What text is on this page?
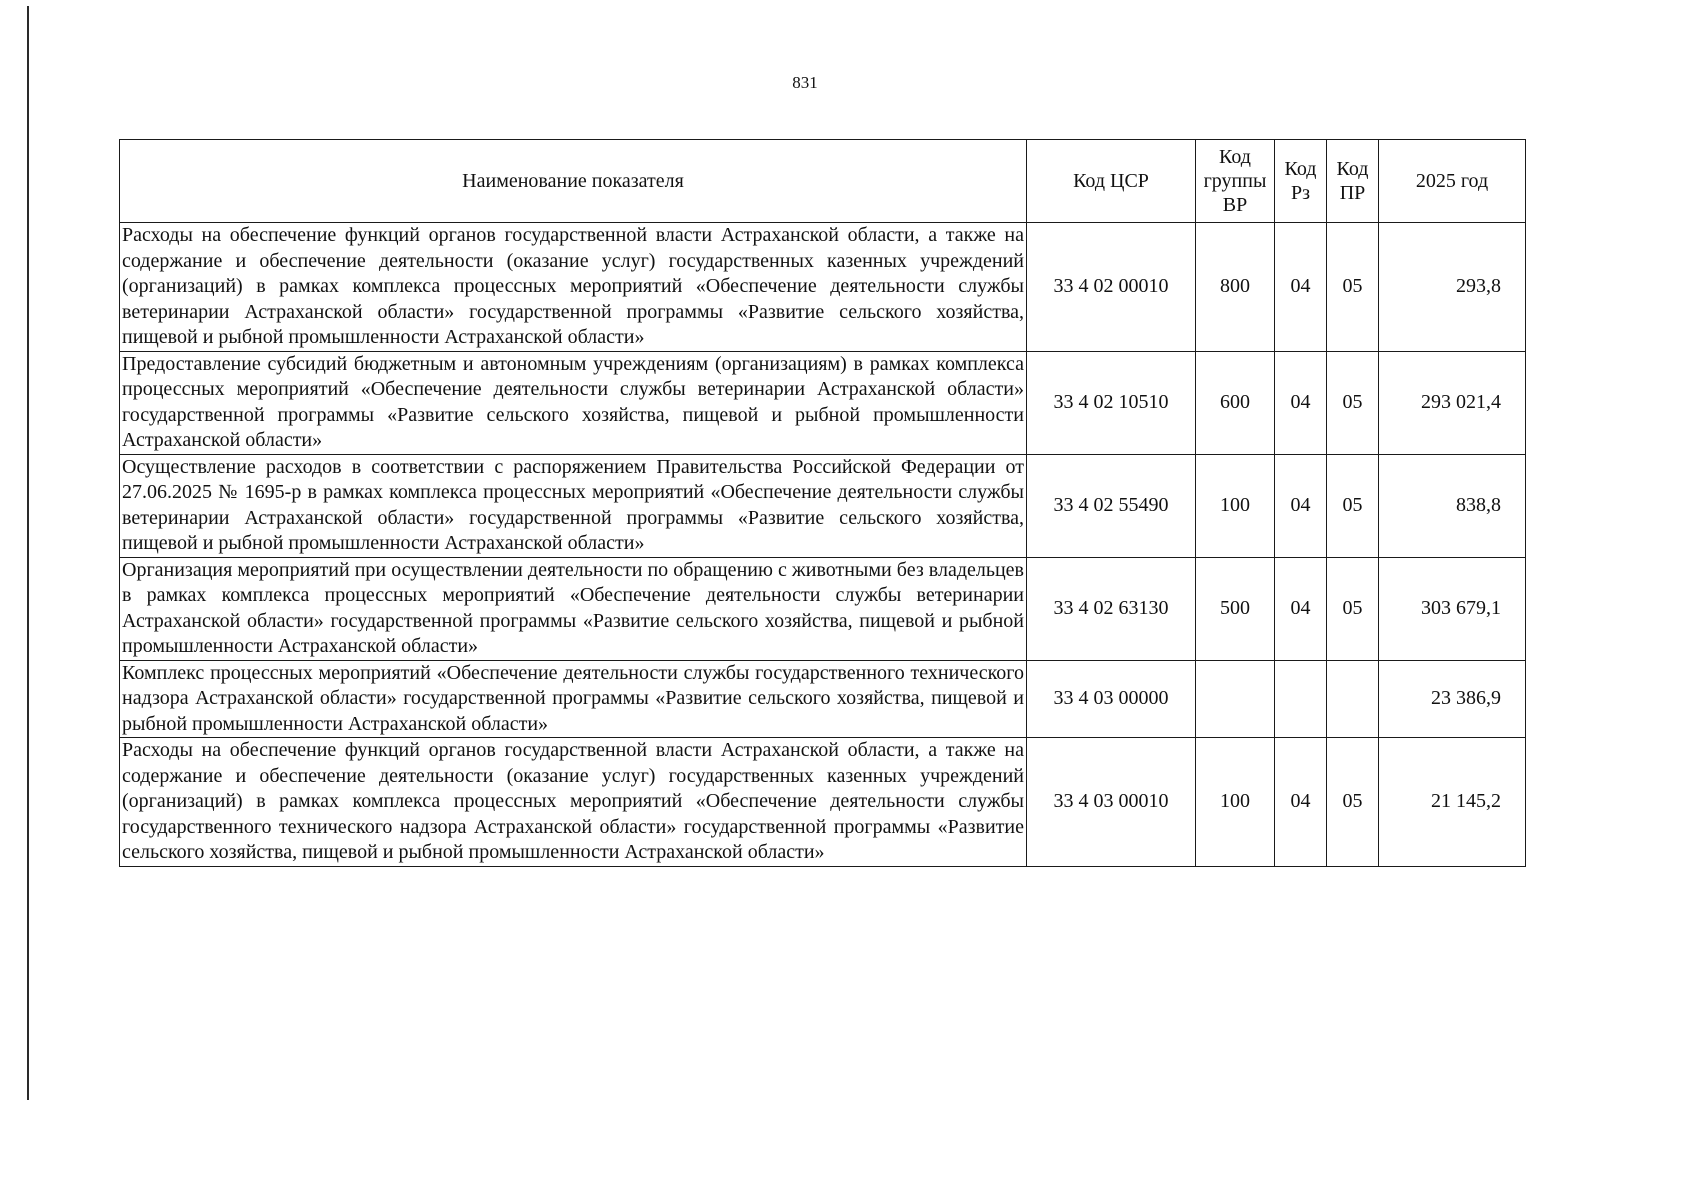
831
Наименование показателя	Код ЦСР	Код группы ВР	Код Рз	Код ПР	2025 год
Расходы на обеспечение функций органов государственной власти Астраханской области, а также на содержание и обеспечение деятельности (оказание услуг) государственных казенных учреждений (организаций) в рамках комплекса процессных мероприятий «Обеспечение деятельности службы ветеринарии Астраханской области» государственной программы «Развитие сельского хозяйства, пищевой и рыбной промышленности Астраханской области»	33 4 02 00010	800	04	05	293,8
Предоставление субсидий бюджетным и автономным учреждениям (организациям) в рамках комплекса процессных мероприятий «Обеспечение деятельности службы ветеринарии Астраханской области» государственной программы «Развитие сельского хозяйства, пищевой и рыбной промышленности Астраханской области»	33 4 02 10510	600	04	05	293 021,4
Осуществление расходов в соответствии с распоряжением Правительства Российской Федерации от 27.06.2025 № 1695-р в рамках комплекса процессных мероприятий «Обеспечение деятельности службы ветеринарии Астраханской области» государственной программы «Развитие сельского хозяйства, пищевой и рыбной промышленности Астраханской области»	33 4 02 55490	100	04	05	838,8
Организация мероприятий при осуществлении деятельности по обращению с животными без владельцев в рамках комплекса процессных мероприятий «Обеспечение деятельности службы ветеринарии Астраханской области» государственной программы «Развитие сельского хозяйства, пищевой и рыбной промышленности Астраханской области»	33 4 02 63130	500	04	05	303 679,1
Комплекс процессных мероприятий «Обеспечение деятельности службы государственного технического надзора Астраханской области» государственной программы «Развитие сельского хозяйства, пищевой и рыбной промышленности Астраханской области»	33 4 03 00000				23 386,9
Расходы на обеспечение функций органов государственной власти Астраханской области, а также на содержание и обеспечение деятельности (оказание услуг) государственных казенных учреждений (организаций) в рамках комплекса процессных мероприятий «Обеспечение деятельности службы государственного технического надзора Астраханской области» государственной программы «Развитие сельского хозяйства, пищевой и рыбной промышленности Астраханской области»	33 4 03 00010	100	04	05	21 145,2
